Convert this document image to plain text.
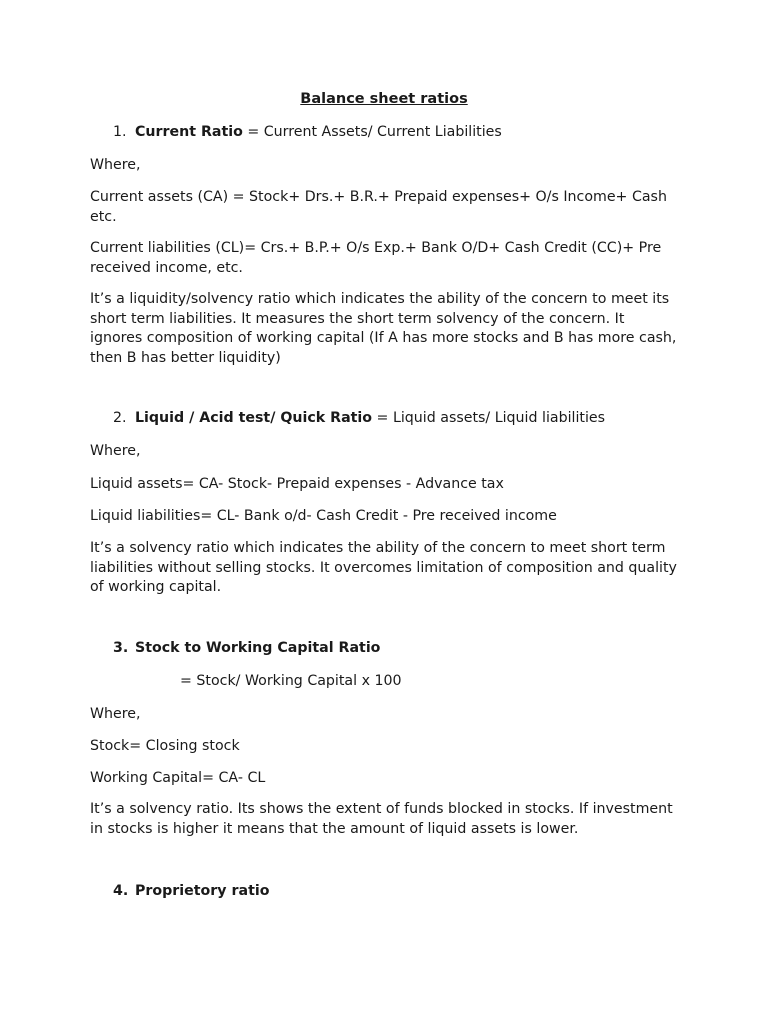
Balance sheet ratios
1. Current Ratio = Current Assets/ Current Liabilities
Where,
Current assets (CA) = Stock+ Drs.+ B.R.+ Prepaid expenses+ O/s Income+ Cash etc.
Current liabilities (CL)= Crs.+ B.P.+ O/s Exp.+ Bank O/D+ Cash Credit (CC)+ Pre received income, etc.
It’s a liquidity/solvency ratio which indicates the ability of the concern to meet its short term liabilities. It measures the short term solvency of the concern. It ignores composition of working capital (If A has more stocks and B has more cash, then B has better liquidity)
2. Liquid / Acid test/ Quick Ratio = Liquid assets/ Liquid liabilities
Where,
Liquid assets= CA- Stock- Prepaid expenses - Advance tax
Liquid liabilities= CL- Bank o/d- Cash Credit - Pre received income
It’s a solvency ratio which indicates the ability of the concern to meet short term liabilities without selling stocks. It overcomes limitation of composition and quality of working capital.
3. Stock to Working Capital Ratio
= Stock/ Working Capital x 100
Where,
Stock= Closing stock
Working Capital= CA- CL
It’s a solvency ratio. Its shows the extent of funds blocked in stocks. If investment in stocks is higher it means that the amount of liquid assets is lower.
4. Proprietory ratio
